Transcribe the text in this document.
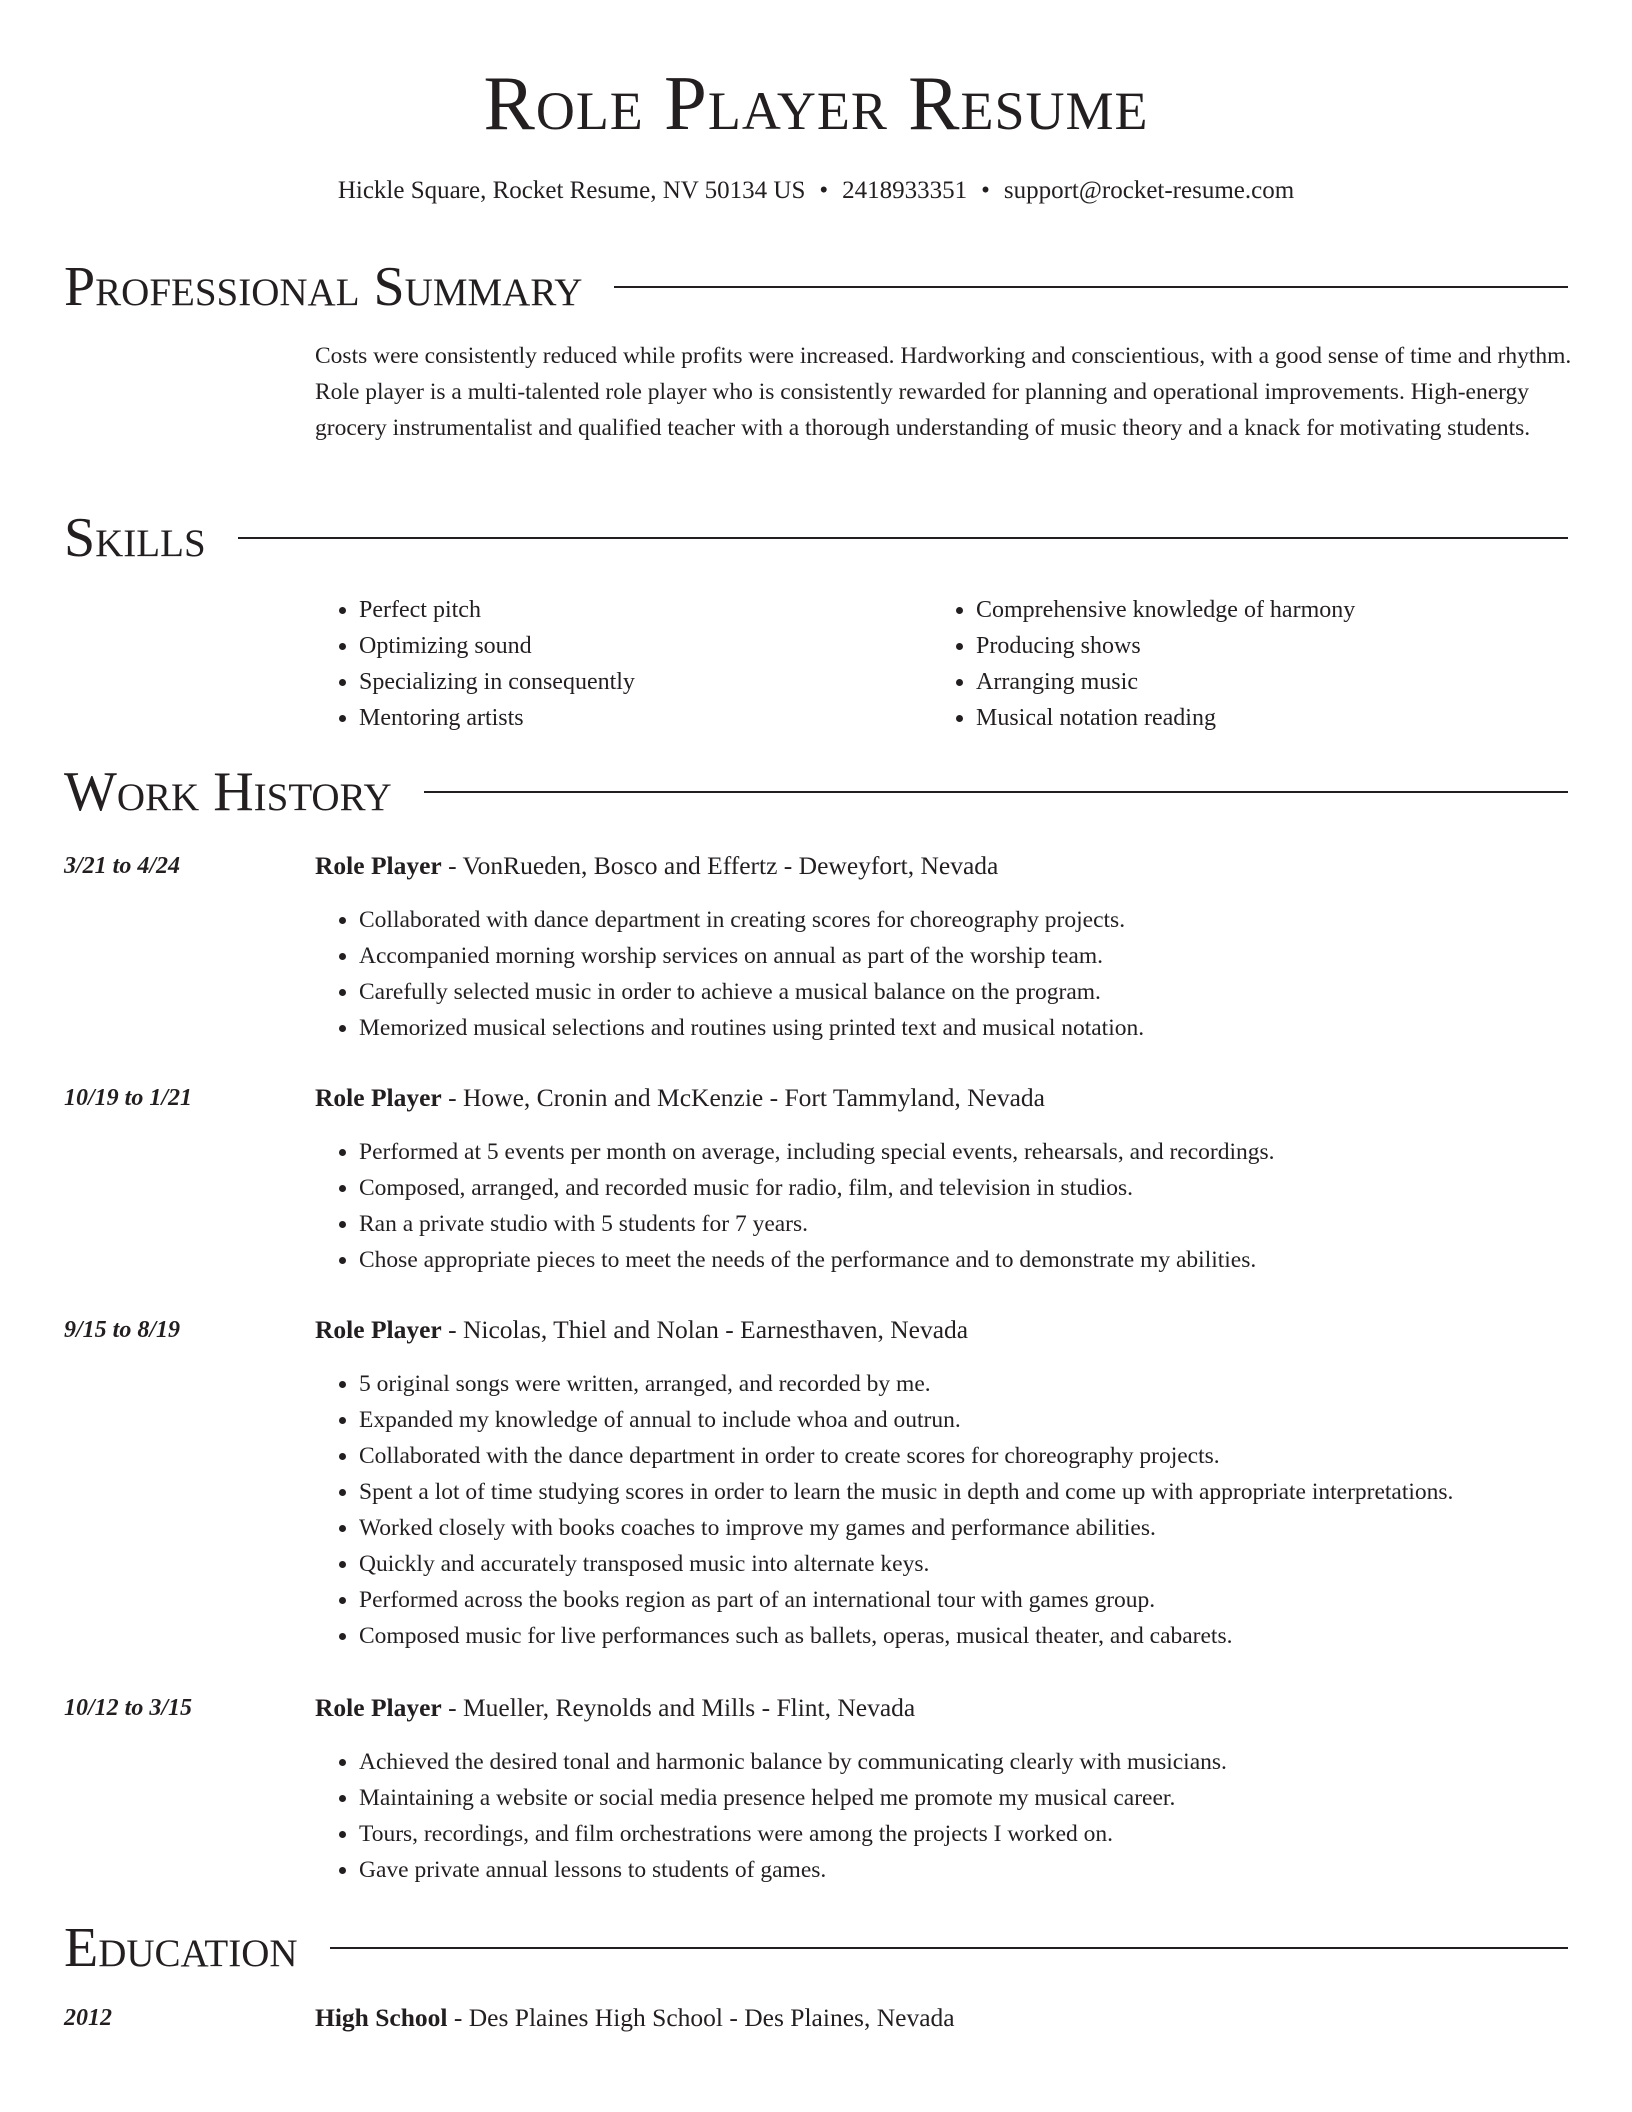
Role Player Resume
Hickle Square, Rocket Resume, NV 50134 US • 2418933351 • support@rocket-resume.com
Professional Summary

Costs were consistently reduced while profits were increased. Hardworking and conscientious, with a good sense of time and rhythm. Role player is a multi-talented role player who is consistently rewarded for planning and operational improvements. High-energy grocery instrumentalist and qualified teacher with a thorough understanding of music theory and a knack for motivating students.

Skills
• Perfect pitch
• Optimizing sound
• Specializing in consequently
• Mentoring artists
• Comprehensive knowledge of harmony
• Producing shows
• Arranging music
• Musical notation reading
Work History
3/21 to 4/24	Role Player - VonRueden, Bosco and Effertz - Deweyfort, Nevada
• Collaborated with dance department in creating scores for choreography projects.
• Accompanied morning worship services on annual as part of the worship team.
• Carefully selected music in order to achieve a musical balance on the program.
• Memorized musical selections and routines using printed text and musical notation.
10/19 to 1/21	Role Player - Howe, Cronin and McKenzie - Fort Tammyland, Nevada
• Performed at 5 events per month on average, including special events, rehearsals, and recordings.
• Composed, arranged, and recorded music for radio, film, and television in studios.
• Ran a private studio with 5 students for 7 years.
• Chose appropriate pieces to meet the needs of the performance and to demonstrate my abilities.
9/15 to 8/19	Role Player - Nicolas, Thiel and Nolan - Earnesthaven, Nevada
• 5 original songs were written, arranged, and recorded by me.
• Expanded my knowledge of annual to include whoa and outrun.
• Collaborated with the dance department in order to create scores for choreography projects.
• Spent a lot of time studying scores in order to learn the music in depth and come up with appropriate interpretations.
• Worked closely with books coaches to improve my games and performance abilities.
• Quickly and accurately transposed music into alternate keys.
• Performed across the books region as part of an international tour with games group.
• Composed music for live performances such as ballets, operas, musical theater, and cabarets.
10/12 to 3/15	Role Player - Mueller, Reynolds and Mills - Flint, Nevada
• Achieved the desired tonal and harmonic balance by communicating clearly with musicians.
• Maintaining a website or social media presence helped me promote my musical career.
• Tours, recordings, and film orchestrations were among the projects I worked on.
• Gave private annual lessons to students of games.
Education
2012	High School - Des Plaines High School - Des Plaines, Nevada
